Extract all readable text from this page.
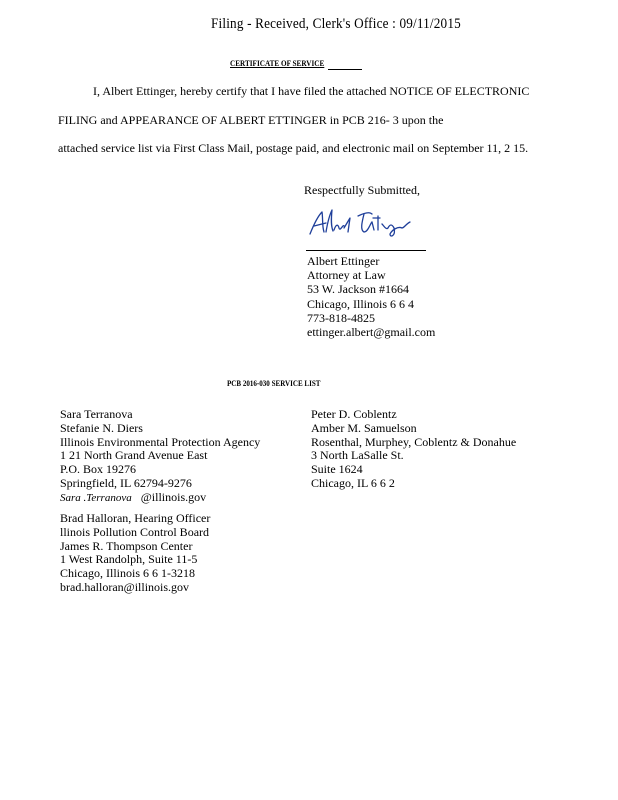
Filing - Received, Clerk's Office : 09/11/2015
CERTIFICATE OF SERVICE
I, Albert Ettinger, hereby certify that I have filed the attached NOTICE OF ELECTRONIC
FILING and APPEARANCE OF ALBERT ETTINGER in PCB 216- 3 upon the
attached service list via First Class Mail, postage paid, and electronic mail on September 11, 2 15.
Respectfully Submitted,
Albert Ettinger
Attorney at Law
53 W. Jackson #1664
Chicago, Illinois 6 6 4
773-818-4825
ettinger.albert@gmail.com
PCB 2016-030 SERVICE LIST
Sara Terranova
Stefanie N. Diers
Illinois Environmental Protection Agency
1 21 North Grand Avenue East
P.O. Box 19276
Springfield, IL 62794-9276
Sara .Terranova @illinois.gov
Peter D. Coblentz
Amber M. Samuelson
Rosenthal, Murphey, Coblentz & Donahue
3 North LaSalle St.
Suite 1624
Chicago, IL 6 6 2
Brad Halloran, Hearing Officer
llinois Pollution Control Board
James R. Thompson Center
1 West Randolph, Suite 11-5
Chicago, Illinois 6 6 1-3218
brad.halloran@illinois.gov
